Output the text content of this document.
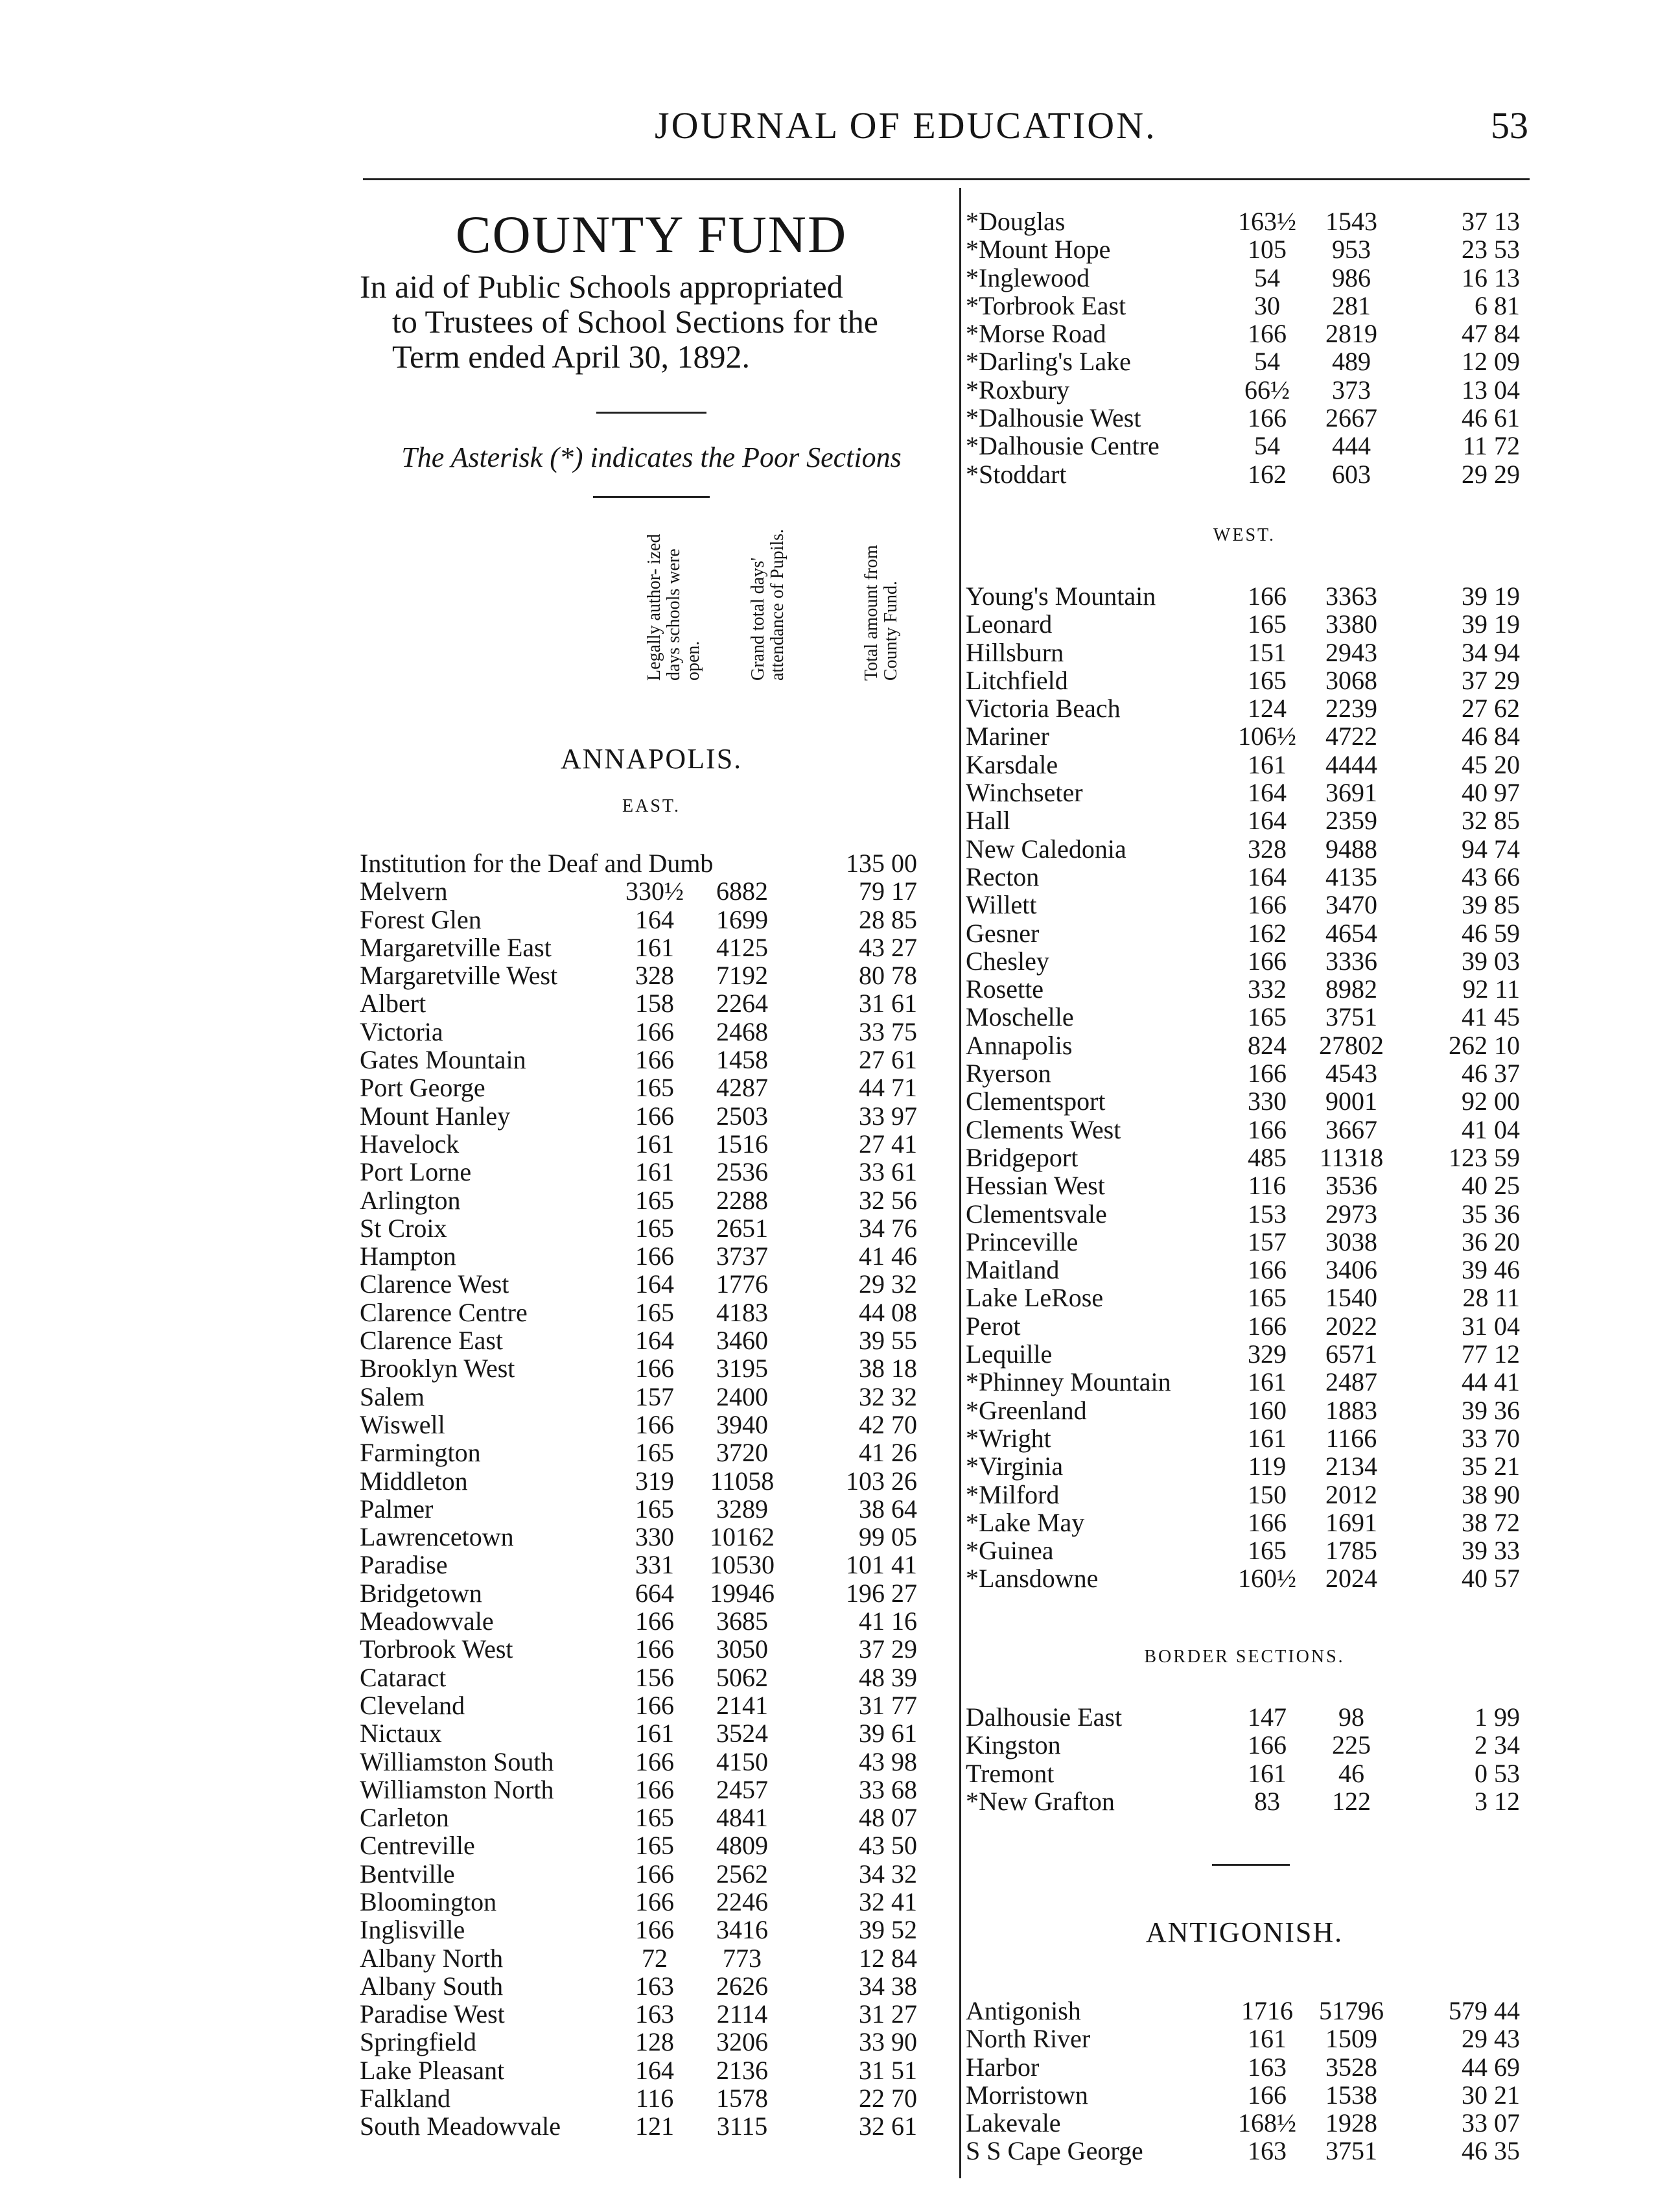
JOURNAL OF EDUCATION.	53
COUNTY FUND
In aid of Public Schools appropriated
to Trustees of School Sections for the
Term ended April 30, 1892.
The Asterisk (*) indicates the Poor Sections
Legally author- ized days schools were open.	Grand total days' attendance of Pupils.	Total amount from County Fund.
ANNAPOLIS.
EAST.
Institution for the Deaf and Dumb	135 00
Melvern	330½	6882	79 17
Forest Glen	164	1699	28 85
Margaretville East	161	4125	43 27
Margaretville West	328	7192	80 78
Albert	158	2264	31 61
Victoria	166	2468	33 75
Gates Mountain	166	1458	27 61
Port George	165	4287	44 71
Mount Hanley	166	2503	33 97
Havelock	161	1516	27 41
Port Lorne	161	2536	33 61
Arlington	165	2288	32 56
St Croix	165	2651	34 76
Hampton	166	3737	41 46
Clarence West	164	1776	29 32
Clarence Centre	165	4183	44 08
Clarence East	164	3460	39 55
Brooklyn West	166	3195	38 18
Salem	157	2400	32 32
Wiswell	166	3940	42 70
Farmington	165	3720	41 26
Middleton	319	11058	103 26
Palmer	165	3289	38 64
Lawrencetown	330	10162	99 05
Paradise	331	10530	101 41
Bridgetown	664	19946	196 27
Meadowvale	166	3685	41 16
Torbrook West	166	3050	37 29
Cataract	156	5062	48 39
Cleveland	166	2141	31 77
Nictaux	161	3524	39 61
Williamston South	166	4150	43 98
Williamston North	166	2457	33 68
Carleton	165	4841	48 07
Centreville	165	4809	43 50
Bentville	166	2562	34 32
Bloomington	166	2246	32 41
Inglisville	166	3416	39 52
Albany North	72	773	12 84
Albany South	163	2626	34 38
Paradise West	163	2114	31 27
Springfield	128	3206	33 90
Lake Pleasant	164	2136	31 51
Falkland	116	1578	22 70
South Meadowvale	121	3115	32 61
*Douglas	163½	1543	37 13
*Mount Hope	105	953	23 53
*Inglewood	54	986	16 13
*Torbrook East	30	281	6 81
*Morse Road	166	2819	47 84
*Darling's Lake	54	489	12 09
*Roxbury	66½	373	13 04
*Dalhousie West	166	2667	46 61
*Dalhousie Centre	54	444	11 72
*Stoddart	162	603	29 29
WEST.
Young's Mountain	166	3363	39 19
Leonard	165	3380	39 19
Hillsburn	151	2943	34 94
Litchfield	165	3068	37 29
Victoria Beach	124	2239	27 62
Mariner	106½	4722	46 84
Karsdale	161	4444	45 20
Winchseter	164	3691	40 97
Hall	164	2359	32 85
New Caledonia	328	9488	94 74
Recton	164	4135	43 66
Willett	166	3470	39 85
Gesner	162	4654	46 59
Chesley	166	3336	39 03
Rosette	332	8982	92 11
Moschelle	165	3751	41 45
Annapolis	824	27802	262 10
Ryerson	166	4543	46 37
Clementsport	330	9001	92 00
Clements West	166	3667	41 04
Bridgeport	485	11318	123 59
Hessian West	116	3536	40 25
Clementsvale	153	2973	35 36
Princeville	157	3038	36 20
Maitland	166	3406	39 46
Lake LeRose	165	1540	28 11
Perot	166	2022	31 04
Lequille	329	6571	77 12
*Phinney Mountain	161	2487	44 41
*Greenland	160	1883	39 36
*Wright	161	1166	33 70
*Virginia	119	2134	35 21
*Milford	150	2012	38 90
*Lake May	166	1691	38 72
*Guinea	165	1785	39 33
*Lansdowne	160½	2024	40 57
BORDER SECTIONS.
Dalhousie East	147	98	1 99
Kingston	166	225	2 34
Tremont	161	46	0 53
*New Grafton	83	122	3 12
ANTIGONISH.
Antigonish	1716	51796	579 44
North River	161	1509	29 43
Harbor	163	3528	44 69
Morristown	166	1538	30 21
Lakevale	168½	1928	33 07
S S Cape George	163	3751	46 35
